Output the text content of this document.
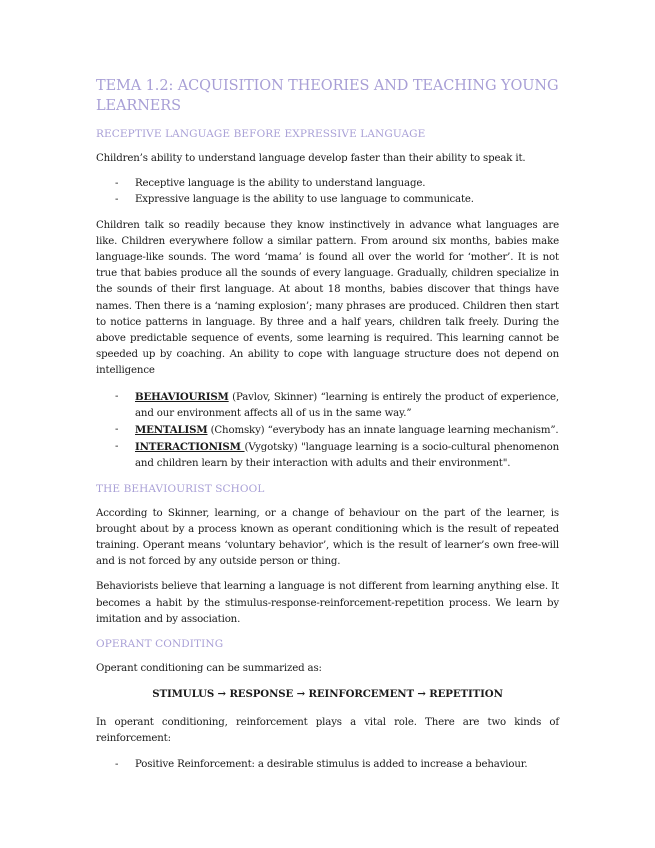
TEMA 1.2: ACQUISITION THEORIES AND TEACHING YOUNG LEARNERS
RECEPTIVE LANGUAGE BEFORE EXPRESSIVE LANGUAGE

Children’s ability to understand language develop faster than their ability to speak it.

- Receptive language is the ability to understand language.
- Expressive language is the ability to use language to communicate.

Children talk so readily because they know instinctively in advance what languages are like. Children everywhere follow a similar pattern. From around six months, babies make language-like sounds. The word ‘mama’ is found all over the world for ‘mother’. It is not true that babies produce all the sounds of every language. Gradually, children specialize in the sounds of their first language. At about 18 months, babies discover that things have names. Then there is a ‘naming explosion’; many phrases are produced. Children then start to notice patterns in language. By three and a half years, children talk freely. During the above predictable sequence of events, some learning is required. This learning cannot be speeded up by coaching. An ability to cope with language structure does not depend on intelligence

- BEHAVIOURISM (Pavlov, Skinner) “learning is entirely the product of experience, and our environment affects all of us in the same way.”
- MENTALISM (Chomsky) “everybody has an innate language learning mechanism”.
- INTERACTIONISM (Vygotsky) "language learning is a socio-cultural phenomenon and children learn by their interaction with adults and their environment".
THE BEHAVIOURIST SCHOOL

According to Skinner, learning, or a change of behaviour on the part of the learner, is brought about by a process known as operant conditioning which is the result of repeated training. Operant means ‘voluntary behavior’, which is the result of learner’s own free-will and is not forced by any outside person or thing.

Behaviorists believe that learning a language is not different from learning anything else. It becomes a habit by the stimulus-response-reinforcement-repetition process. We learn by imitation and by association.

OPERANT CONDITING

Operant conditioning can be summarized as:

STIMULUS → RESPONSE → REINFORCEMENT → REPETITION

In operant conditioning, reinforcement plays a vital role. There are two kinds of reinforcement:

- Positive Reinforcement: a desirable stimulus is added to increase a behaviour.
